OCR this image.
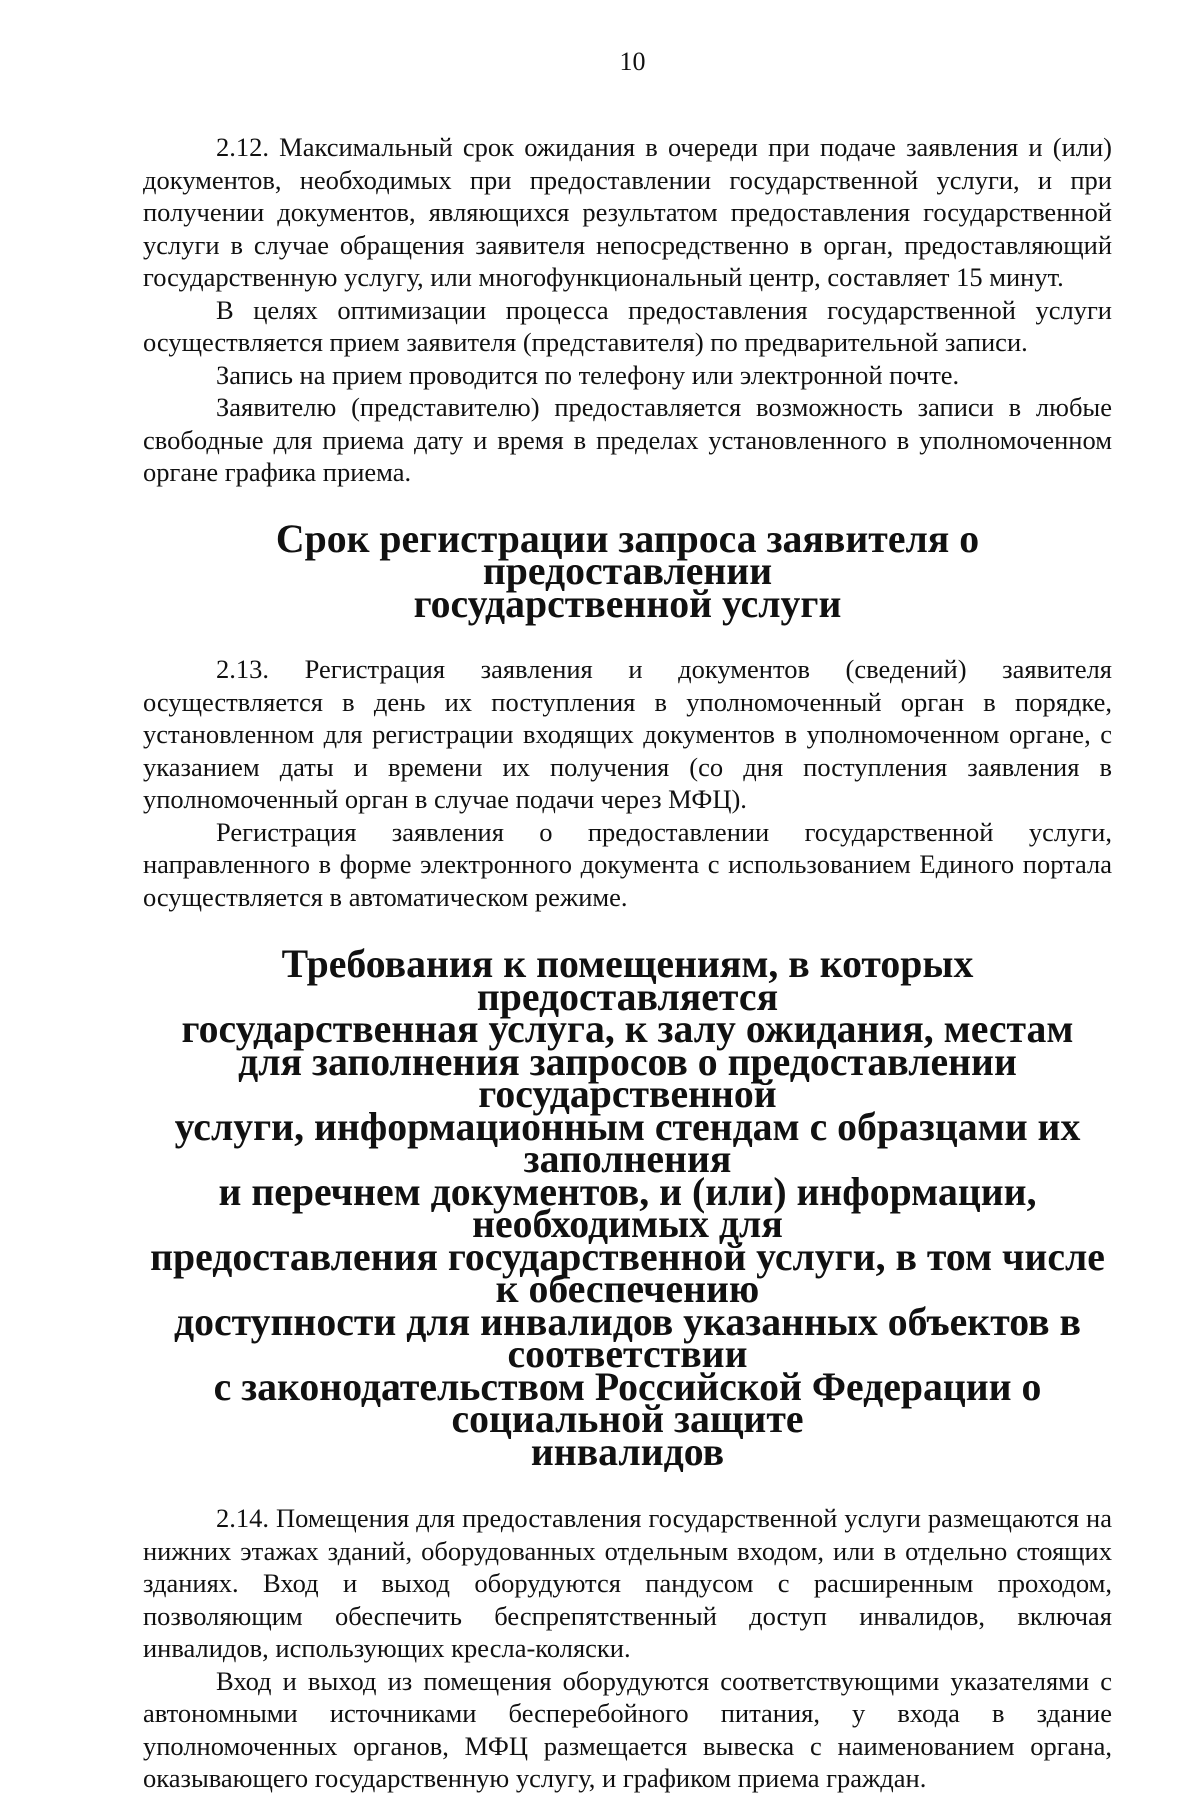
10

2.12. Максимальный срок ожидания в очереди при подаче заявления и (или) документов, необходимых при предоставлении государственной услуги, и при получении документов, являющихся результатом предоставления государственной услуги в случае обращения заявителя непосредственно в орган, предоставляющий государственную услугу, или многофункциональный центр, составляет 15 минут.

В целях оптимизации процесса предоставления государственной услуги осуществляется прием заявителя (представителя) по предварительной записи.

Запись на прием проводится по телефону или электронной почте.

Заявителю (представителю) предоставляется возможность записи в любые свободные для приема дату и время в пределах установленного в уполномоченном органе графика приема.

Срок регистрации запроса заявителя о предоставлении
государственной услуги

2.13. Регистрация заявления и документов (сведений) заявителя осуществляется в день их поступления в уполномоченный орган в порядке, установленном для регистрации входящих документов в уполномоченном органе, с указанием даты и времени их получения (со дня поступления заявления в уполномоченный орган в случае подачи через МФЦ).

Регистрация заявления о предоставлении государственной услуги, направленного в форме электронного документа с использованием Единого портала осуществляется в автоматическом режиме.

Требования к помещениям, в которых предоставляется
государственная услуга, к залу ожидания, местам
для заполнения запросов о предоставлении государственной
услуги, информационным стендам с образцами их заполнения
и перечнем документов, и (или) информации, необходимых для
предоставления государственной услуги, в том числе к обеспечению
доступности для инвалидов указанных объектов в соответствии
с законодательством Российской Федерации о социальной защите
инвалидов

2.14. Помещения для предоставления государственной услуги размещаются на нижних этажах зданий, оборудованных отдельным входом, или в отдельно стоящих зданиях. Вход и выход оборудуются пандусом с расширенным проходом, позволяющим обеспечить беспрепятственный доступ инвалидов, включая инвалидов, использующих кресла-коляски.

Вход и выход из помещения оборудуются соответствующими указателями с автономными источниками бесперебойного питания, у входа в здание уполномоченных органов, МФЦ размещается вывеска с наименованием органа, оказывающего государственную услугу, и графиком приема граждан.
